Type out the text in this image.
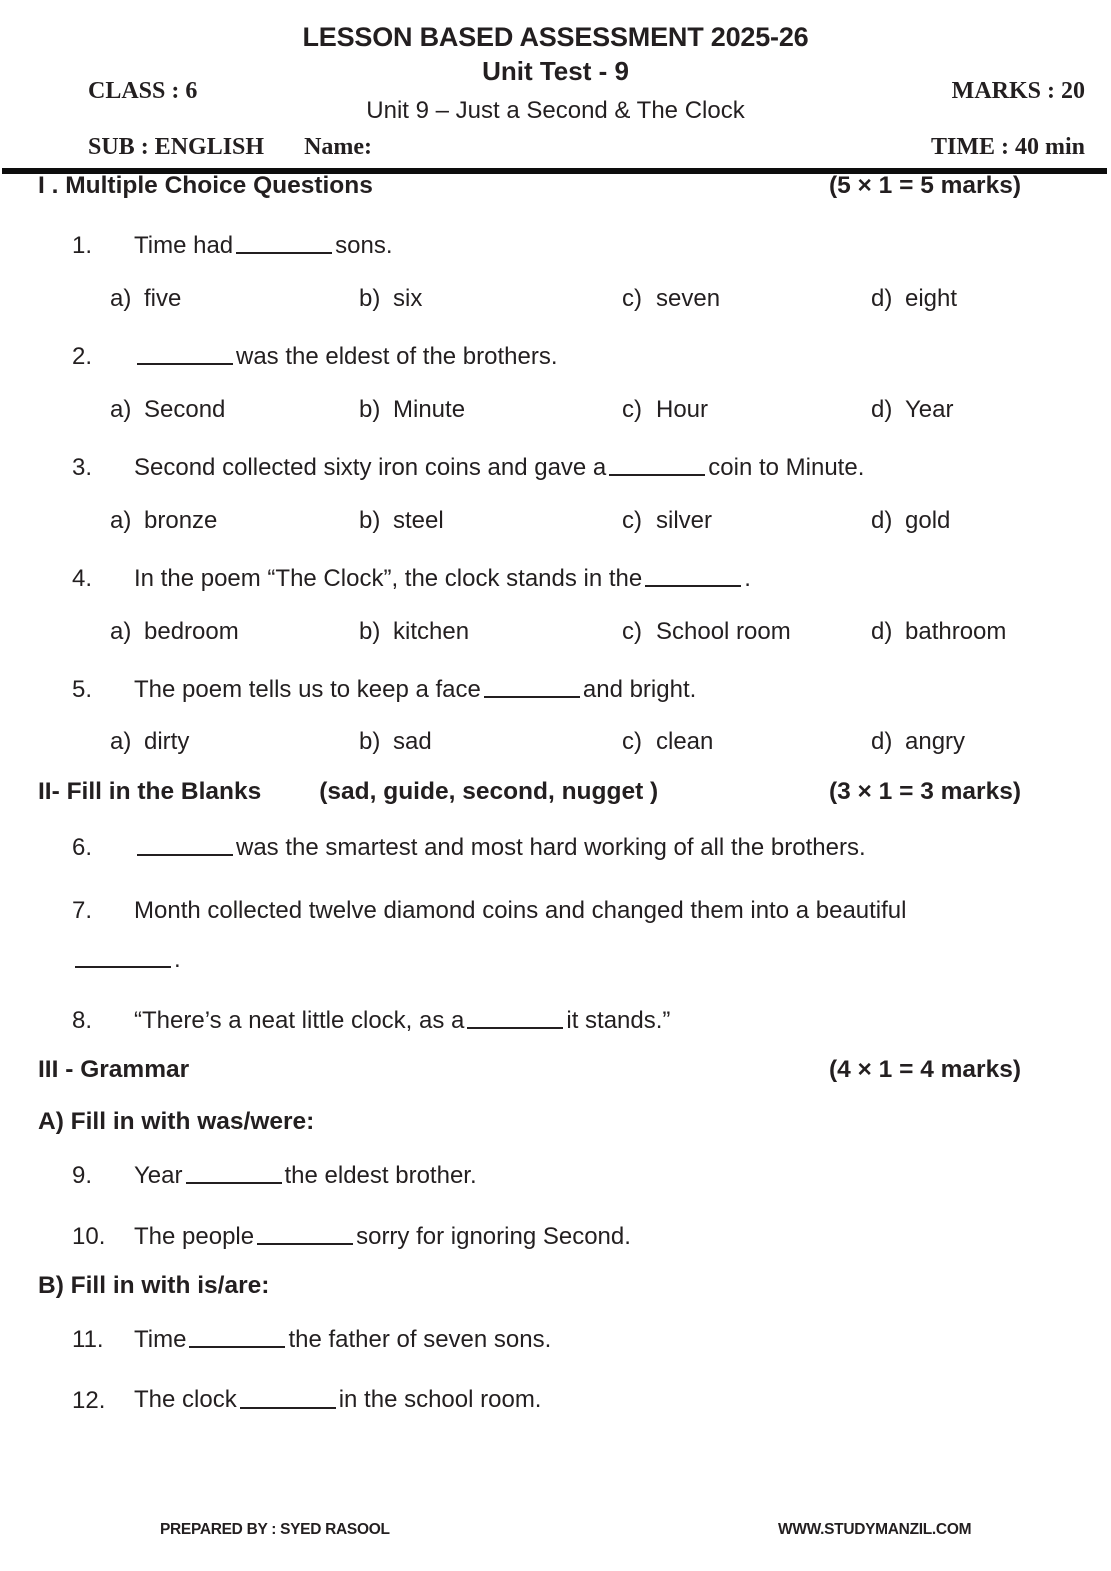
LESSON BASED ASSESSMENT 2025-26
Unit Test - 9
Unit 9 – Just a Second & The Clock
CLASS : 6
SUB : ENGLISH Name:
MARKS : 20
TIME : 40 min
I . Multiple Choice Questions	(5 × 1 = 5 marks)
1.	Time had	sons.
a) five	b) six	c) seven	d) eight
2.	was the eldest of the brothers.
a) Second	b) Minute	c) Hour	d) Year
3.	Second collected sixty iron coins and gave a	coin to Minute.
a) bronze	b) steel	c) silver	d) gold
4.	In the poem “The Clock”, the clock stands in the	.
a) bedroom	b) kitchen	c) School room	d) bathroom
5.	The poem tells us to keep a face	and bright.
a) dirty	b) sad	c) clean	d) angry
II- Fill in the Blanks (sad, guide, second, nugget )	(3 × 1 = 3 marks)
6.	was the smartest and most hard working of all the brothers.
7.	Month collected twelve diamond coins and changed them into a beautiful
.
8.	“There’s a neat little clock, as a	it stands.”
III - Grammar	(4 × 1 = 4 marks)
A) Fill in with was/were:
9.	Year	the eldest brother.
10.	The people	sorry for ignoring Second.
B) Fill in with is/are:
11.	Time	the father of seven sons.
12.	The clock	in the school room.
PREPARED BY : SYED RASOOL	WWW.STUDYMANZIL.COM
